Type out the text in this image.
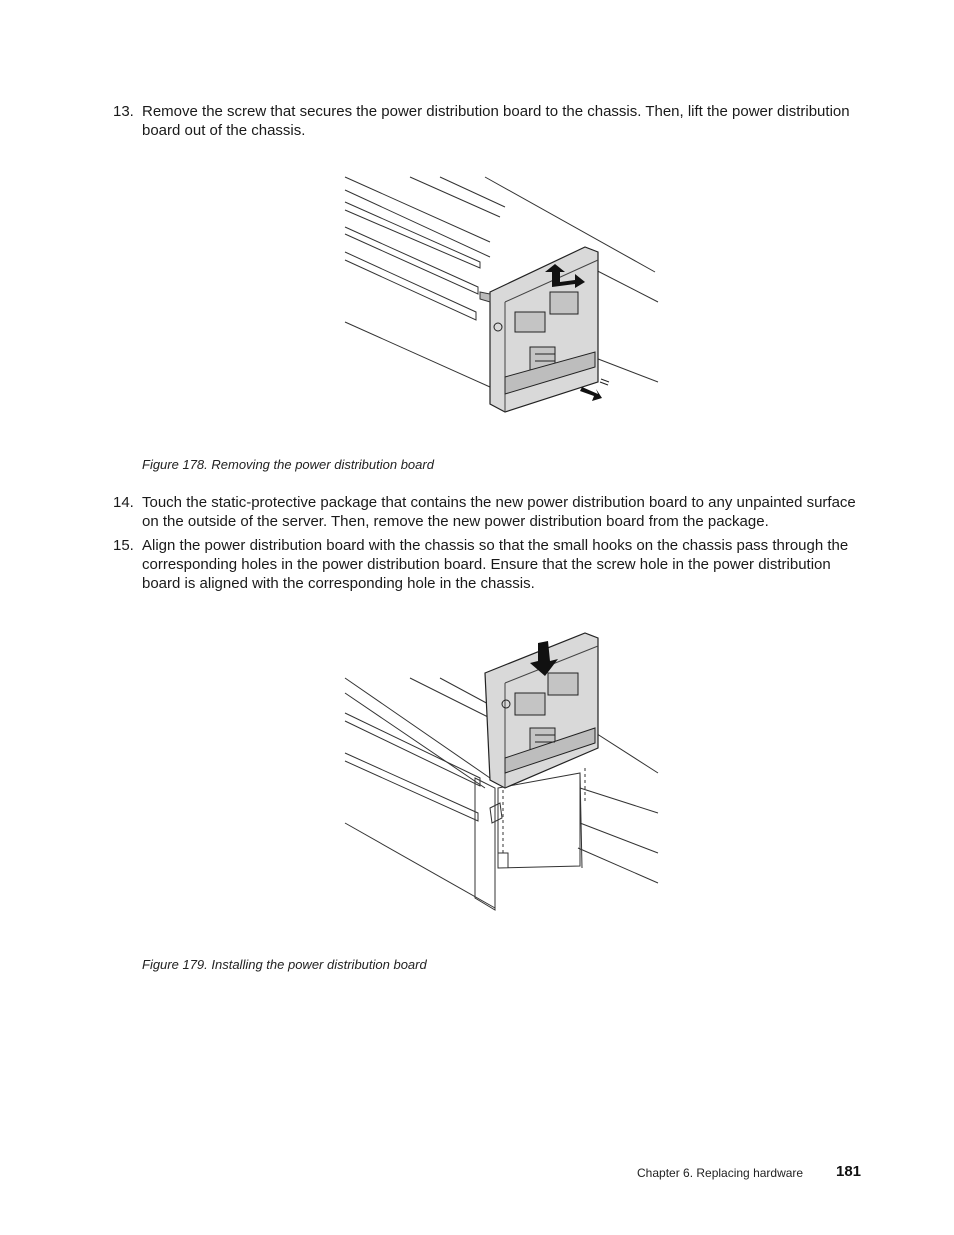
13. Remove the screw that secures the power distribution board to the chassis. Then, lift the power distribution board out of the chassis.
Figure 178. Removing the power distribution board
14. Touch the static-protective package that contains the new power distribution board to any unpainted surface on the outside of the server. Then, remove the new power distribution board from the package.
15. Align the power distribution board with the chassis so that the small hooks on the chassis pass through the corresponding holes in the power distribution board. Ensure that the screw hole in the power distribution board is aligned with the corresponding hole in the chassis.
Figure 179. Installing the power distribution board
Chapter 6. Replacing hardware 181
